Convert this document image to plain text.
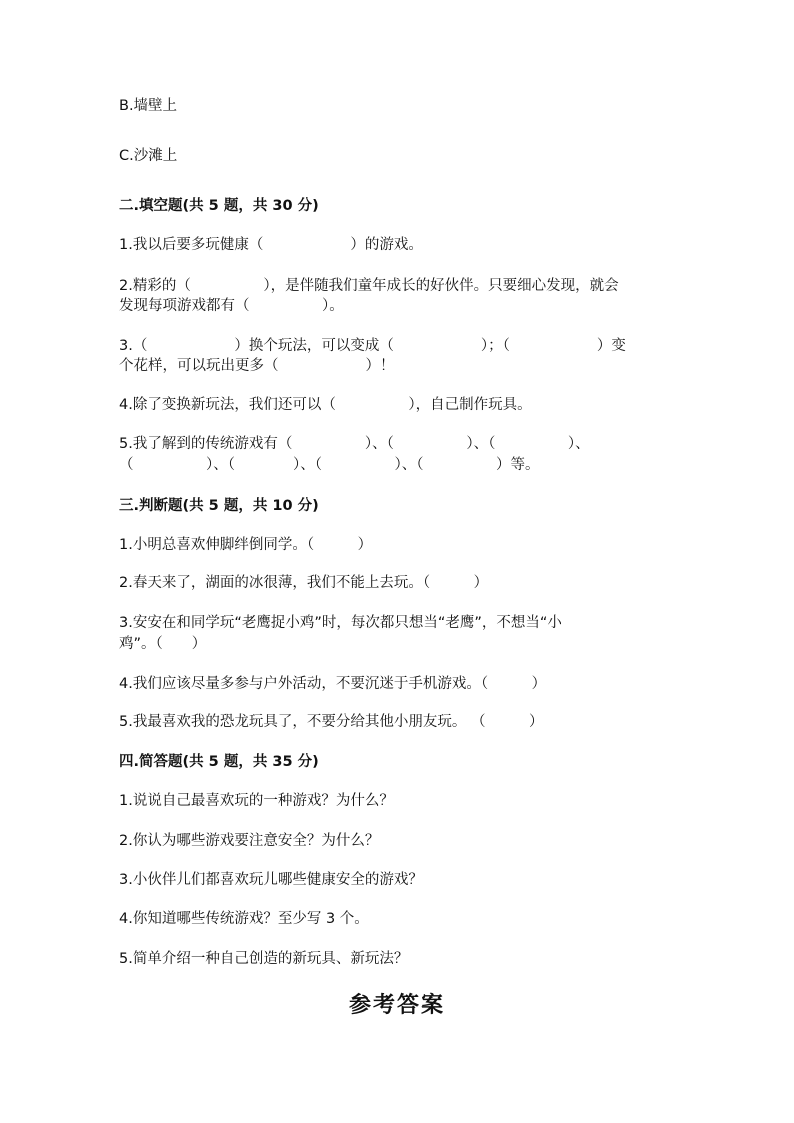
B.墙壁上
C.沙滩上
二.填空题(共 5 题，共 30 分)
1.我以后要多玩健康（　　　　　　）的游戏。
2.精彩的（　　　　　），是伴随我们童年成长的好伙伴。只要细心发现，就会
发现每项游戏都有（　　　　　）。
3.（　　　　　　）换个玩法，可以变成（　　　　　　）；（　　　　　　）变
个花样，可以玩出更多（　　　　　　）！
4.除了变换新玩法，我们还可以（　　　　　），自己制作玩具。
5.我了解到的传统游戏有（　　　　　）、（　　　　　）、（　　　　　）、
（　　　　　）、（　　　　）、（　　　　　）、（　　　　　）等。
三.判断题(共 5 题，共 10 分)
1.小明总喜欢伸脚绊倒同学。（　　　）
2.春天来了，湖面的冰很薄，我们不能上去玩。（　　　）
3.安安在和同学玩“老鹰捉小鸡”时，每次都只想当“老鹰”，不想当“小
鸡”。（　　）
4.我们应该尽量多参与户外活动，不要沉迷于手机游戏。（　　　）
5.我最喜欢我的恐龙玩具了，不要分给其他小朋友玩。 （　　　）
四.简答题(共 5 题，共 35 分)
1.说说自己最喜欢玩的一种游戏？为什么？
2.你认为哪些游戏要注意安全？为什么？
3.小伙伴儿们都喜欢玩儿哪些健康安全的游戏？
4.你知道哪些传统游戏？至少写 3 个。
5.简单介绍一种自己创造的新玩具、新玩法？
参考答案
